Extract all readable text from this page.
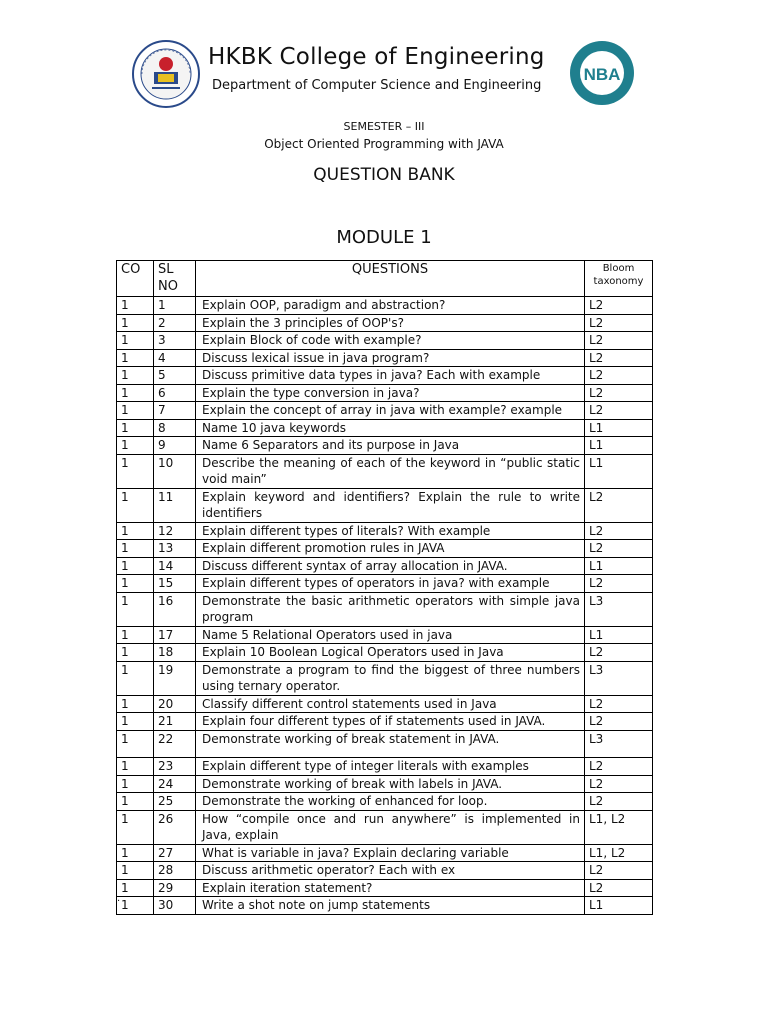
HKBK College of Engineering
Department of Computer Science and Engineering
NBA
SEMESTER – III
Object Oriented Programming with JAVA
QUESTION BANK
MODULE 1
CO	SL NO	QUESTIONS	Bloom taxonomy
1	1	Explain OOP, paradigm and abstraction?	L2
1	2	Explain the 3 principles of OOP's?	L2
1	3	Explain Block of code with example?	L2
1	4	Discuss lexical issue in java program?	L2
1	5	Discuss primitive data types in java? Each with example	L2
1	6	Explain the type conversion in java?	L2
1	7	Explain the concept of array in java with example? example	L2
1	8	Name 10 java keywords	L1
1	9	Name 6 Separators and its purpose in Java	L1
1	10	Describe the meaning of each of the keyword in “public static void main”	L1
1	11	Explain keyword and identifiers? Explain the rule to write identifiers	L2
1	12	Explain different types of literals? With example	L2
1	13	Explain different promotion rules in JAVA	L2
1	14	Discuss different syntax of array allocation in JAVA.	L1
1	15	Explain different types of operators in java? with example	L2
1	16	Demonstrate the basic arithmetic operators with simple java program	L3
1	17	Name 5 Relational Operators used in java	L1
1	18	Explain 10 Boolean Logical Operators used in Java	L2
1	19	Demonstrate a program to find the biggest of three numbers using ternary operator.	L3
1	20	Classify different control statements used in Java	L2
1	21	Explain four different types of if statements used in JAVA.	L2
1	22	Demonstrate working of break statement in JAVA.	L3
1	23	Explain different type of integer literals with examples	L2
1	24	Demonstrate working of break with labels in JAVA.	L2
1	25	Demonstrate the working of enhanced for loop.	L2
1	26	How “compile once and run anywhere” is implemented in Java, explain	L1, L2
1	27	What is variable in java? Explain declaring variable	L1, L2
1	28	Discuss arithmetic operator? Each with ex	L2
1	29	Explain iteration statement?	L2
1	30	Write a shot note on jump statements	L1
.
